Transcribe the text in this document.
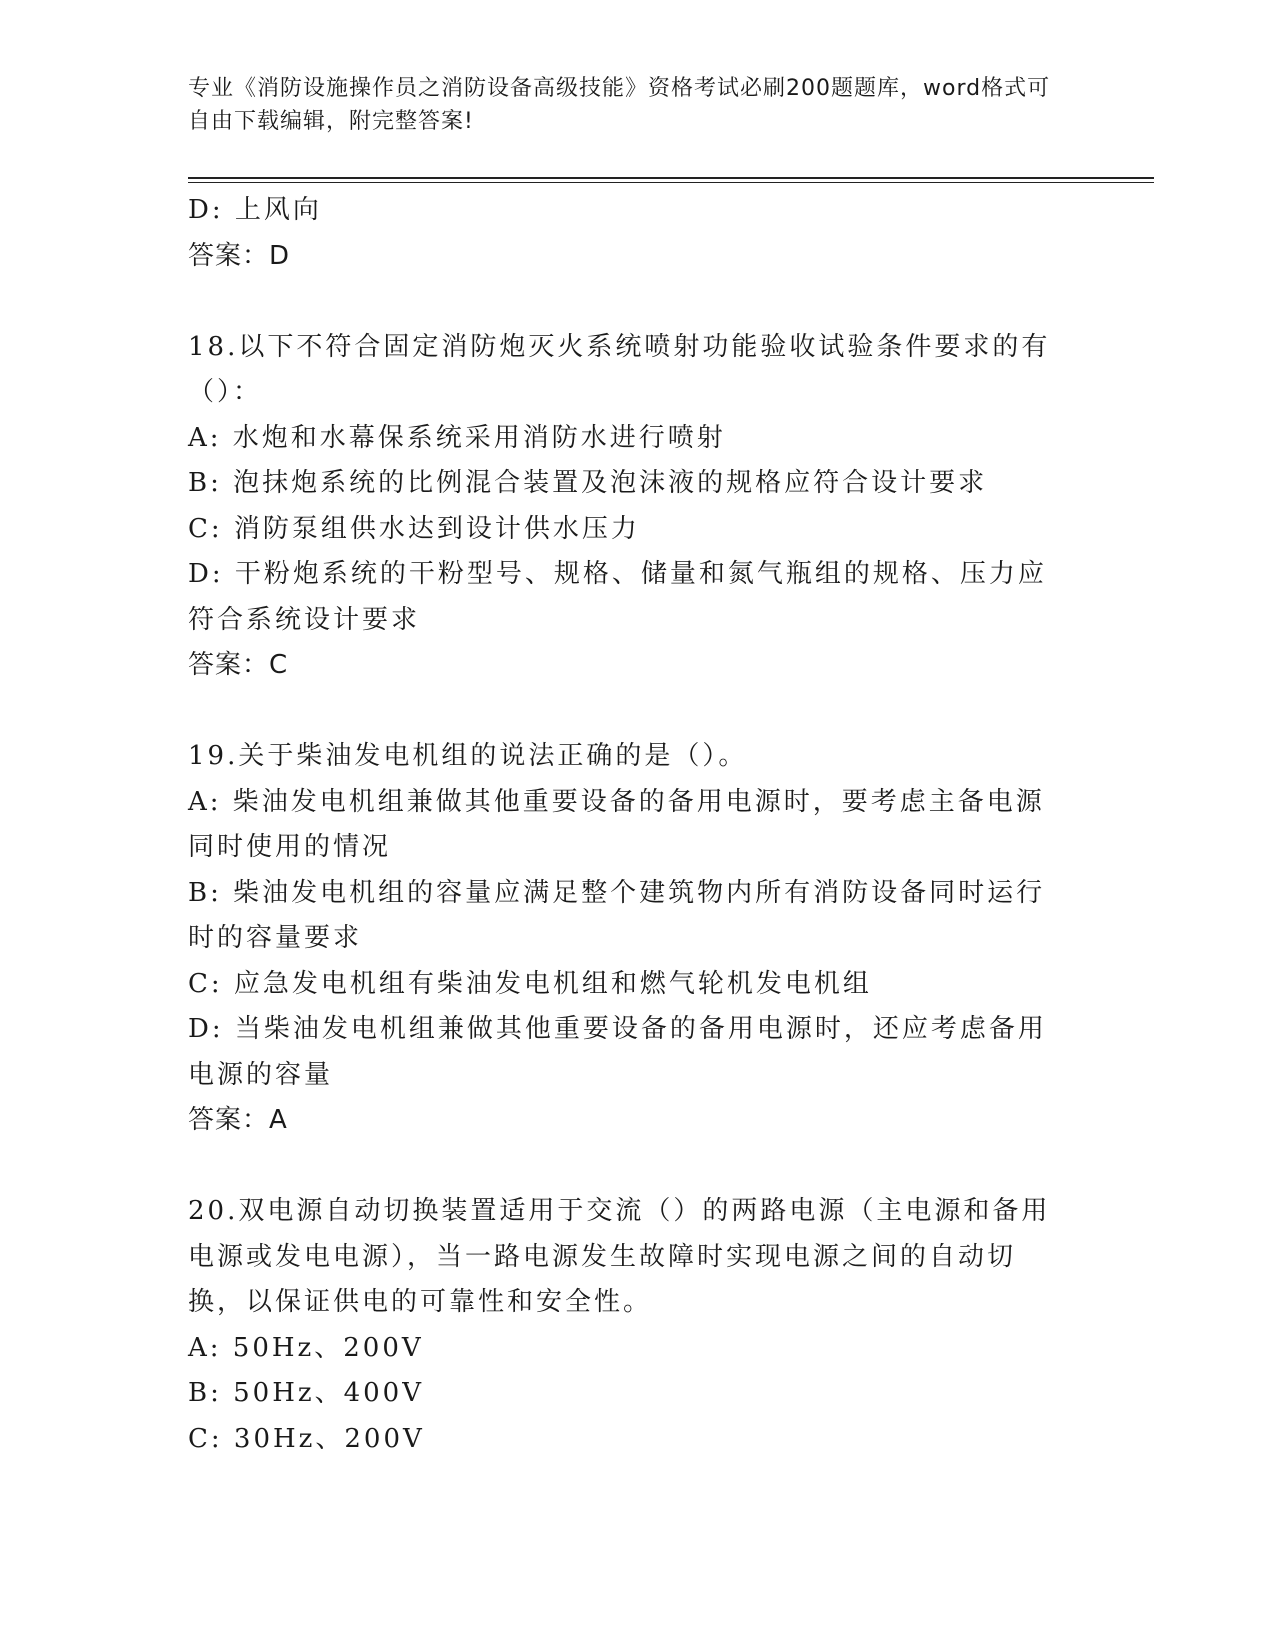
专业《消防设施操作员之消防设备高级技能》资格考试必刷200题题库，word格式可自由下载编辑，附完整答案!
D: 上风向
答案：D
18.以下不符合固定消防炮灭火系统喷射功能验收试验条件要求的有（）：
A: 水炮和水幕保系统采用消防水进行喷射
B: 泡抹炮系统的比例混合装置及泡沫液的规格应符合设计要求
C: 消防泵组供水达到设计供水压力
D: 干粉炮系统的干粉型号、规格、储量和氮气瓶组的规格、压力应符合系统设计要求
答案：C
19.关于柴油发电机组的说法正确的是（）。
A: 柴油发电机组兼做其他重要设备的备用电源时，要考虑主备电源同时使用的情况
B: 柴油发电机组的容量应满足整个建筑物内所有消防设备同时运行时的容量要求
C: 应急发电机组有柴油发电机组和燃气轮机发电机组
D: 当柴油发电机组兼做其他重要设备的备用电源时，还应考虑备用电源的容量
答案：A
20.双电源自动切换装置适用于交流（）的两路电源（主电源和备用电源或发电电源），当一路电源发生故障时实现电源之间的自动切换，以保证供电的可靠性和安全性。
A: 50Hz、200V
B: 50Hz、400V
C: 30Hz、200V
